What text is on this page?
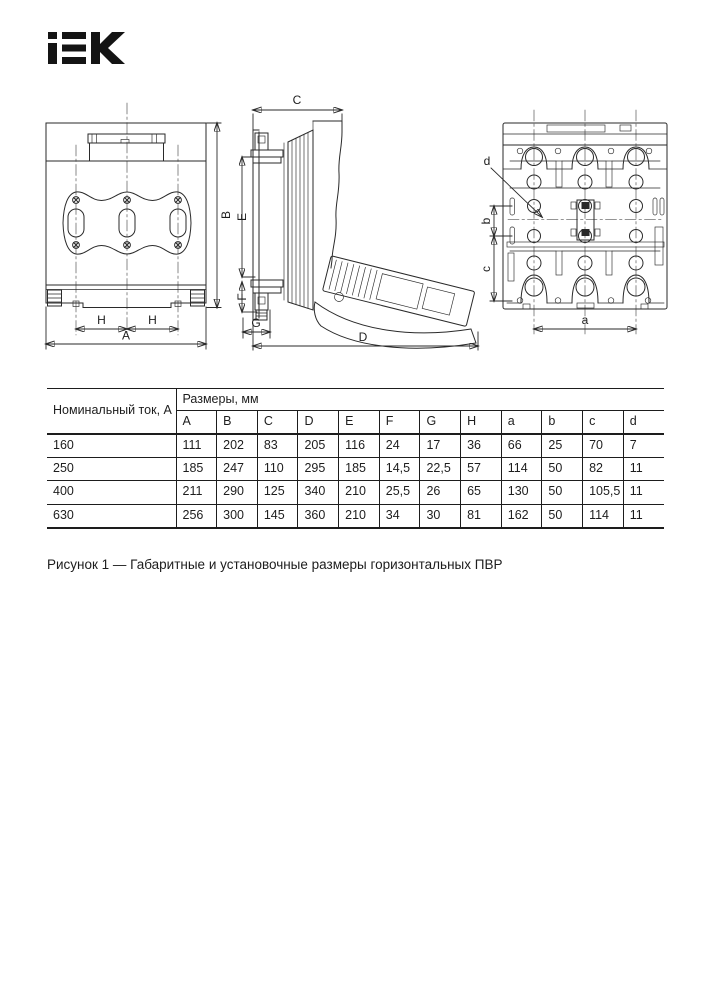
H	H
A
B
C
E
F
G
D
d
b
c
a
Номинальный ток, А	Размеры, мм											
	A	B	C	D	E	F	G	H	a	b	c	d
160	111	202	83	205	116	24	17	36	66	25	70	7
250	185	247	110	295	185	14,5	22,5	57	114	50	82	11
400	211	290	125	340	210	25,5	26	65	130	50	105,5	11
630	256	300	145	360	210	34	30	81	162	50	114	11
Рисунок 1 — Габаритные и установочные размеры горизонтальных ПВР
